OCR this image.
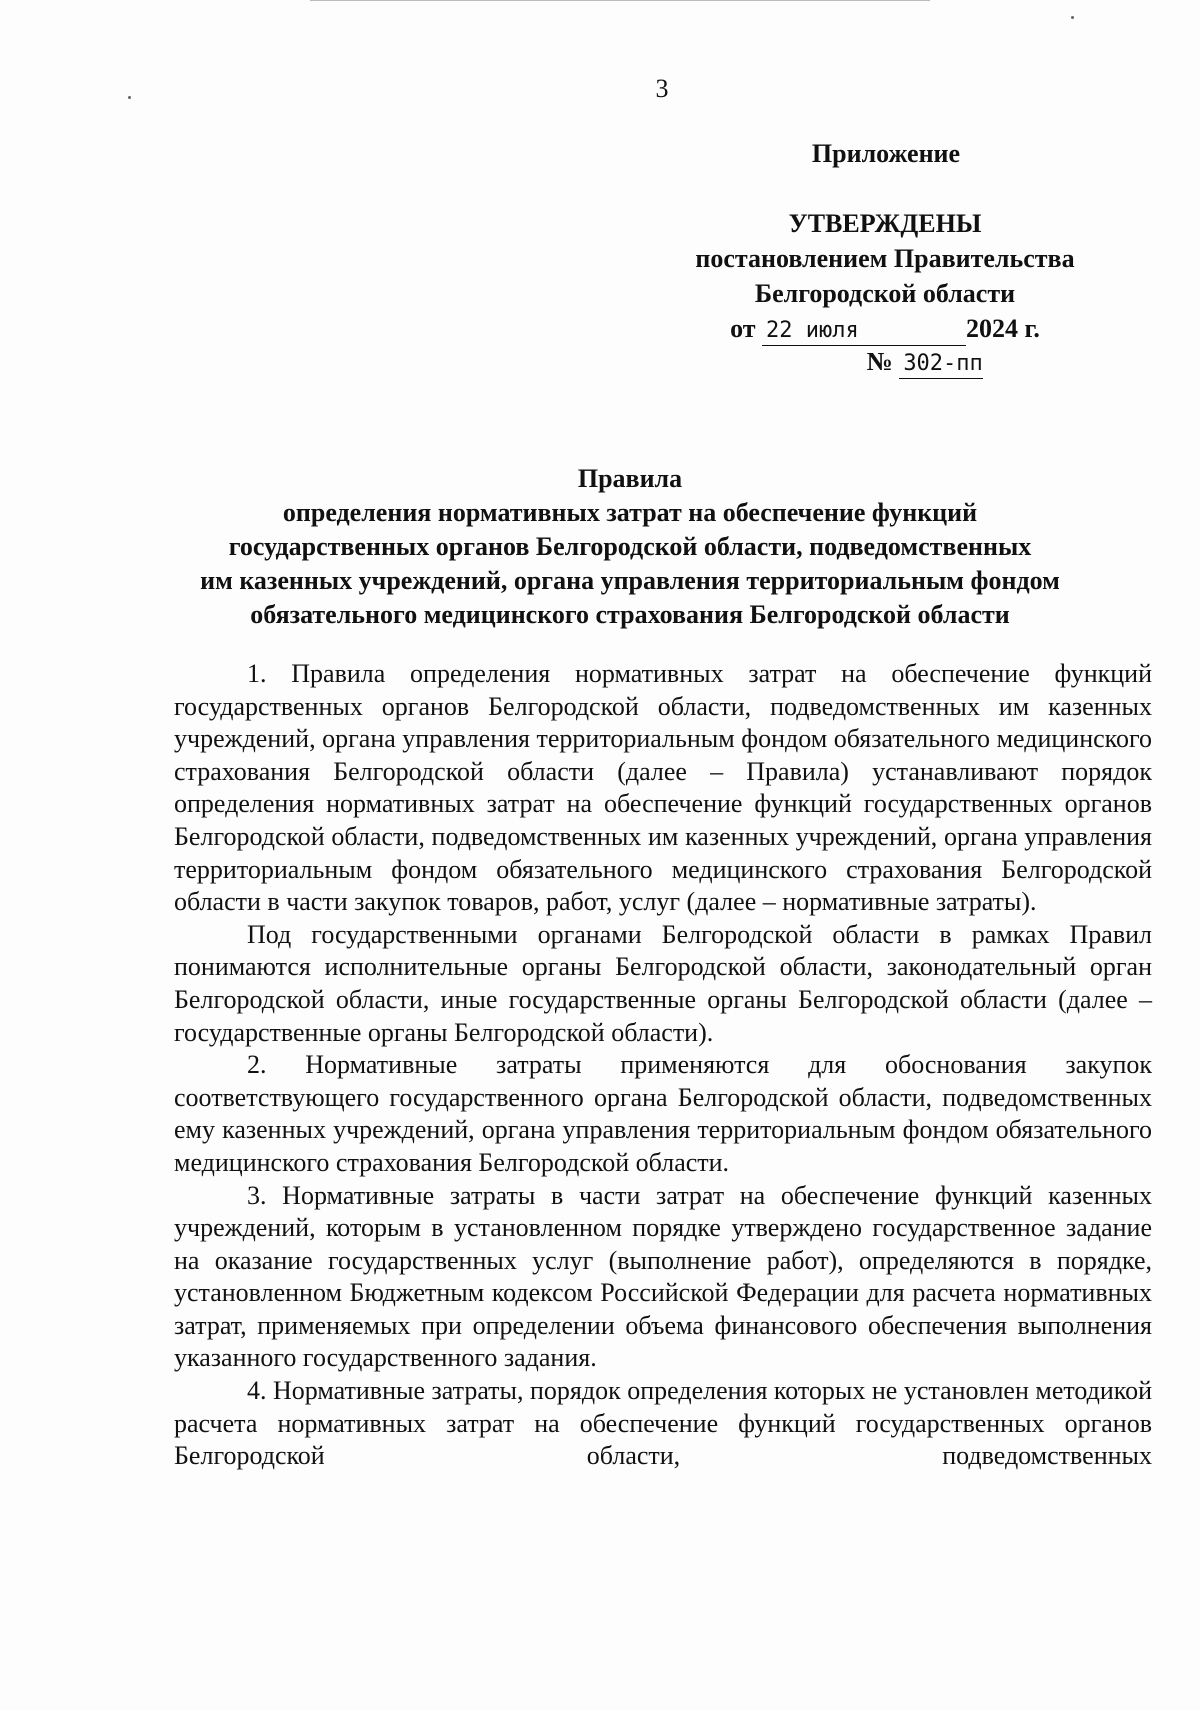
3
Приложение
УТВЕРЖДЕНЫ
постановлением Правительства
Белгородской области
от 22 июля	2024 г.
№ 302-пп
Правила
определения нормативных затрат на обеспечение функций
государственных органов Белгородской области, подведомственных
им казенных учреждений, органа управления территориальным фондом
обязательного медицинского страхования Белгородской области

1. Правила определения нормативных затрат на обеспечение функций государственных органов Белгородской области, подведомственных им казенных учреждений, органа управления территориальным фондом обязательного медицинского страхования Белгородской области (далее – Правила) устанавливают порядок определения нормативных затрат на обеспечение функций государственных органов Белгородской области, подведомственных им казенных учреждений, органа управления территориальным фондом обязательного медицинского страхования Белгородской области в части закупок товаров, работ, услуг (далее – нормативные затраты).

Под государственными органами Белгородской области в рамках Правил понимаются исполнительные органы Белгородской области, законодательный орган Белгородской области, иные государственные органы Белгородской области (далее – государственные органы Белгородской области).

2. Нормативные затраты применяются для обоснования закупок соответствующего государственного органа Белгородской области, подведомственных ему казенных учреждений, органа управления территориальным фондом обязательного медицинского страхования Белгородской области.

3. Нормативные затраты в части затрат на обеспечение функций казенных учреждений, которым в установленном порядке утверждено государственное задание на оказание государственных услуг (выполнение работ), определяются в порядке, установленном Бюджетным кодексом Российской Федерации для расчета нормативных затрат, применяемых при определении объема финансового обеспечения выполнения указанного государственного задания.

4. Нормативные затраты, порядок определения которых не установлен методикой расчета нормативных затрат на обеспечение функций государственных органов Белгородской области, подведомственных
